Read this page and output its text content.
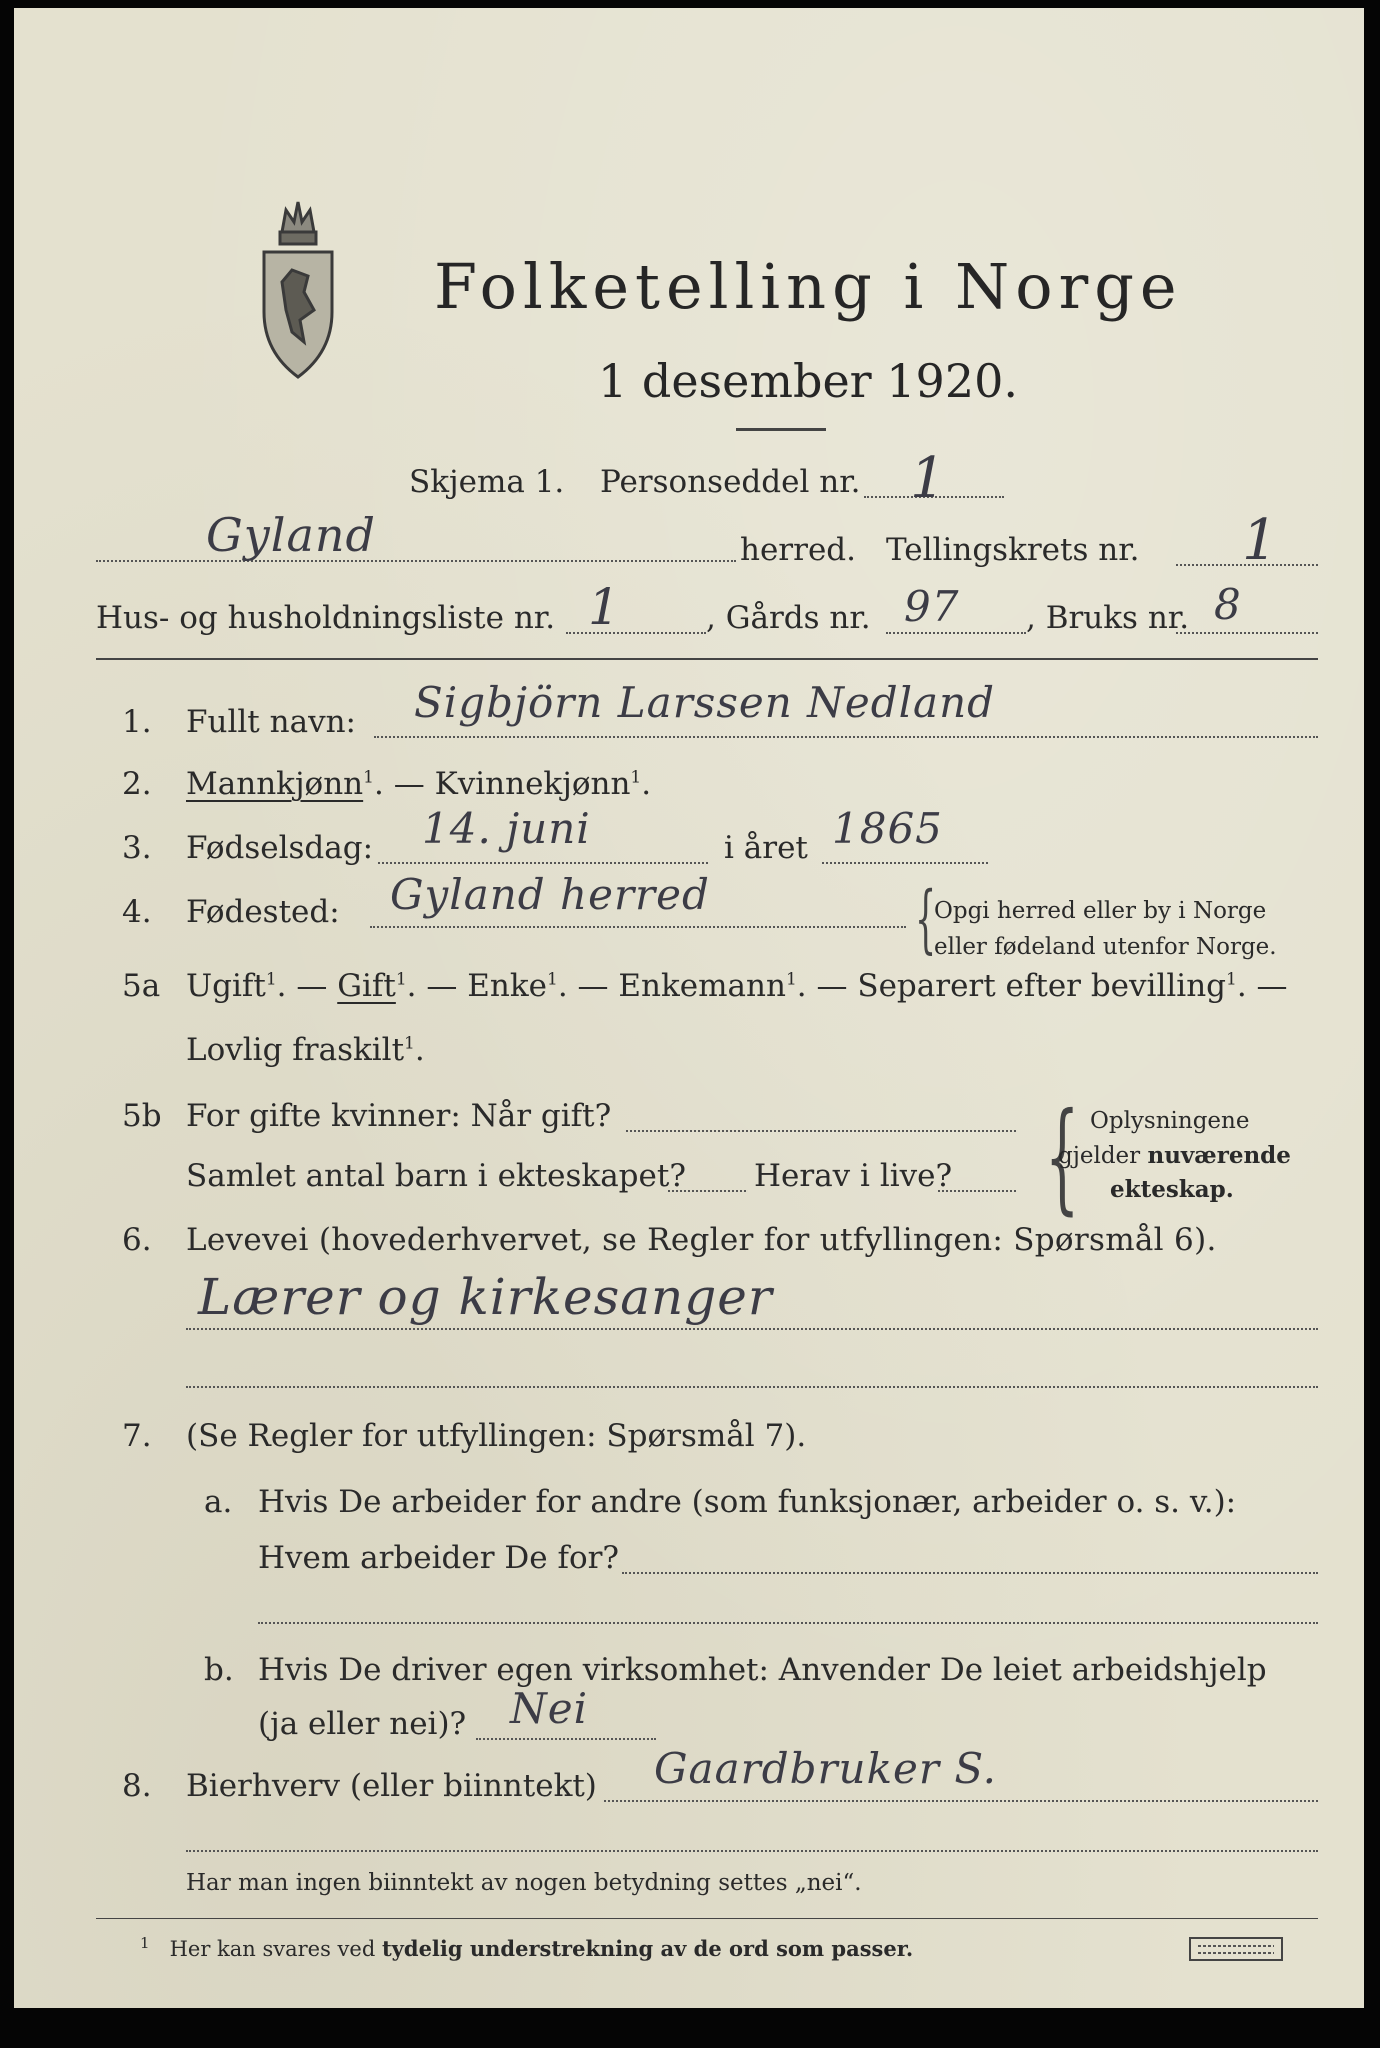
Folketelling i Norge
1 desember 1920.
Skjema 1. Personseddel nr. 1
Gyland	herred. Tellingskrets nr. 1
Hus- og husholdningsliste nr. 1	, Gårds nr. 97 , Bruks nr. 8
1. Fullt navn: Sigbjörn Larssen Nedland
2. Mannkjønn$^1$. — Kvinnekjønn$^1$.
3. Fødselsdag: 14. juni	i året 1865
4. Fødested: Gyland herred	{
Opgi herred eller by i Norge
eller fødeland utenfor Norge.
5a Ugift$^1$. — Gift$^1$. — Enke$^1$. — Enkemann$^1$. — Separert efter bevilling$^1$. —
Lovlig fraskilt$^1$.
5b For gifte kvinner: Når gift?
Samlet antal barn i ekteskapet? Herav i live? { Oplysningene
gjelder nuværende
ekteskap.
6. Levevei (hovederhvervet, se Regler for utfyllingen: Spørsmål 6).
Lærer og kirkesanger
7. (Se Regler for utfyllingen: Spørsmål 7).
a. Hvis De arbeider for andre (som funksjonær, arbeider o. s. v.):
Hvem arbeider De for?
b. Hvis De driver egen virksomhet: Anvender De leiet arbeidshjelp
(ja eller nei)? Nei
8. Bierhverv (eller biinntekt) Gaardbruker S.
Har man ingen biinntekt av nogen betydning settes „nei“.
$^1$ Her kan svares ved tydelig understrekning av de ord som passer.
